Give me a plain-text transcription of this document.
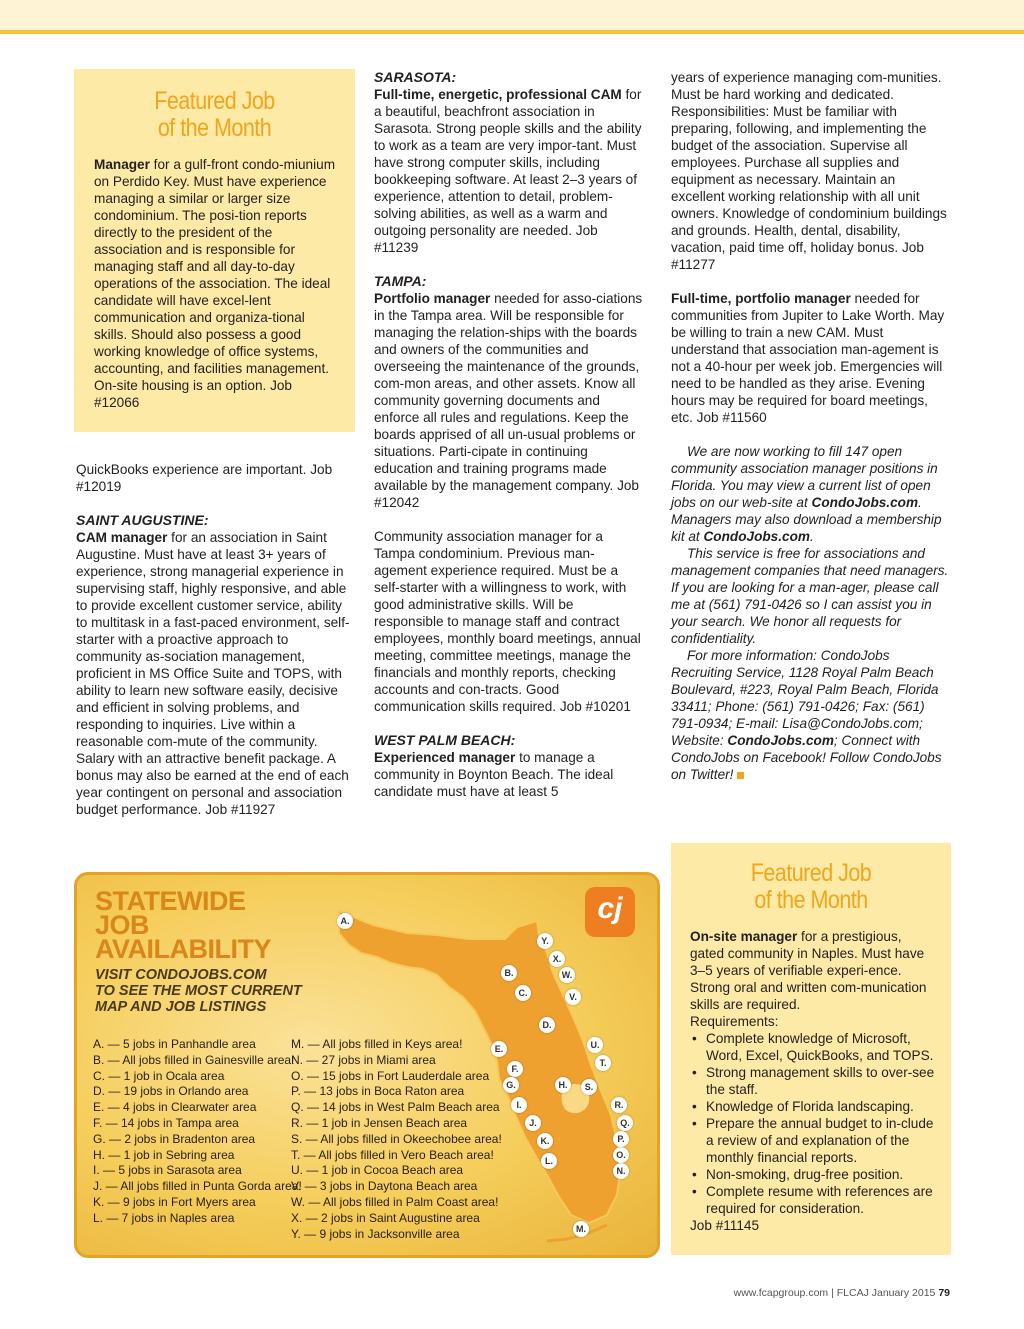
Featured Job

of the Month

Manager for a gulf-front condo-miunium on Perdido Key. Must have experience managing a similar or larger size condominium. The posi-tion reports directly to the president of the association and is responsible for managing staff and all day-to-day operations of the association. The ideal candidate will have excel-lent communication and organiza-tional skills. Should also possess a good working knowledge of office systems, accounting, and facilities management. On-site housing is an option. Job #12066

QuickBooks experience are important. Job #12019

SAINT AUGUSTINE:

CAM manager for an association in Saint Augustine. Must have at least 3+ years of experience, strong managerial experience in supervising staff, highly responsive, and able to provide excellent customer service, ability to multitask in a fast-paced environment, self-starter with a proactive approach to community as-sociation management, proficient in MS Office Suite and TOPS, with ability to learn new software easily, decisive and efficient in solving problems, and responding to inquiries. Live within a reasonable com-mute of the community. Salary with an attractive benefit package. A bonus may also be earned at the end of each year contingent on personal and association budget performance. Job #11927

SARASOTA:

Full-time, energetic, professional CAM for a beautiful, beachfront association in Sarasota. Strong people skills and the ability to work as a team are very impor-tant. Must have strong computer skills, including bookkeeping software. At least 2–3 years of experience, attention to detail, problem-solving abilities, as well as a warm and outgoing personality are needed. Job #11239

TAMPA:

Portfolio manager needed for asso-ciations in the Tampa area. Will be responsible for managing the relation-ships with the boards and owners of the communities and overseeing the maintenance of the grounds, com-mon areas, and other assets. Know all community governing documents and enforce all rules and regulations. Keep the boards apprised of all un-usual problems or situations. Parti-cipate in continuing education and training programs made available by the management company. Job #12042

Community association manager for a Tampa condominium. Previous man-agement experience required. Must be a self-starter with a willingness to work, with good administrative skills. Will be responsible to manage staff and contract employees, monthly board meetings, annual meeting, committee meetings, manage the financials and monthly reports, checking accounts and con-tracts. Good communication skills required. Job #10201

WEST PALM BEACH:

Experienced manager to manage a community in Boynton Beach. The ideal candidate must have at least 5

years of experience managing com-munities. Must be hard working and dedicated. Responsibilities: Must be familiar with preparing, following, and implementing the budget of the association. Supervise all employees. Purchase all supplies and equipment as necessary. Maintain an excellent working relationship with all unit owners. Knowledge of condominium buildings and grounds. Health, dental, disability, vacation, paid time off, holiday bonus. Job #11277

Full-time, portfolio manager needed for communities from Jupiter to Lake Worth. May be willing to train a new CAM. Must understand that association man-agement is not a 40-hour per week job. Emergencies will need to be handled as they arise. Evening hours may be required for board meetings, etc. Job #11560

We are now working to fill 147 open community association manager positions in Florida. You may view a current list of open jobs on our web-site at CondoJobs.com. Managers may also download a membership kit at CondoJobs.com.

This service is free for associations and management companies that need managers. If you are looking for a man-ager, please call me at (561) 791-0426 so I can assist you in your search. We honor all requests for confidentiality.

For more information: CondoJobs Recruiting Service, 1128 Royal Palm Beach Boulevard, #223, Royal Palm Beach, Florida 33411; Phone: (561) 791-0426; Fax: (561) 791-0934; E-mail: Lisa@CondoJobs.com; Website: CondoJobs.com; Connect with CondoJobs on Facebook! Follow CondoJobs on Twitter!

Featured Job

of the Month

On-site manager for a prestigious, gated community in Naples. Must have 3–5 years of verifiable experi-ence. Strong oral and written com-munication skills are required.

Requirements:

• Complete knowledge of Microsoft, Word, Excel, QuickBooks, and TOPS.
• Strong management skills to over-see the staff.
• Knowledge of Florida landscaping.
• Prepare the annual budget to in-clude a review of and explanation of the monthly financial reports.
• Non-smoking, drug-free position.
• Complete resume with references are required for consideration.

Job #11145

STATEWIDE
JOB
AVAILABILITY
VISIT CONDOJOBS.COM
TO SEE THE MOST CURRENT
MAP AND JOB LISTINGS
cj
A.
B.
C.
D.
E.
F.
G.	H.
I.
J.
K.
L.
M.
N.
O.
P.
Q.
R.
S.
T.
U.
V.
W.
X.
Y.
A. — 5 jobs in Panhandle area
B. — All jobs filled in Gainesville area!
C. — 1 job in Ocala area
D. — 19 jobs in Orlando area
E. — 4 jobs in Clearwater area
F. — 14 jobs in Tampa area
G. — 2 jobs in Bradenton area
H. — 1 job in Sebring area
I. — 5 jobs in Sarasota area
J. — All jobs filled in Punta Gorda area!
K. — 9 jobs in Fort Myers area
L. — 7 jobs in Naples area
M. — All jobs filled in Keys area!
N. — 27 jobs in Miami area
O. — 15 jobs in Fort Lauderdale area
P. — 13 jobs in Boca Raton area
Q. — 14 jobs in West Palm Beach area
R. — 1 job in Jensen Beach area
S. — All jobs filled in Okeechobee area!
T. — All jobs filled in Vero Beach area!
U. — 1 job in Cocoa Beach area
V. — 3 jobs in Daytona Beach area
W. — All jobs filled in Palm Coast area!
X. — 2 jobs in Saint Augustine area
Y. — 9 jobs in Jacksonville area
www.fcapgroup.com | FLCAJ January 2015 79
